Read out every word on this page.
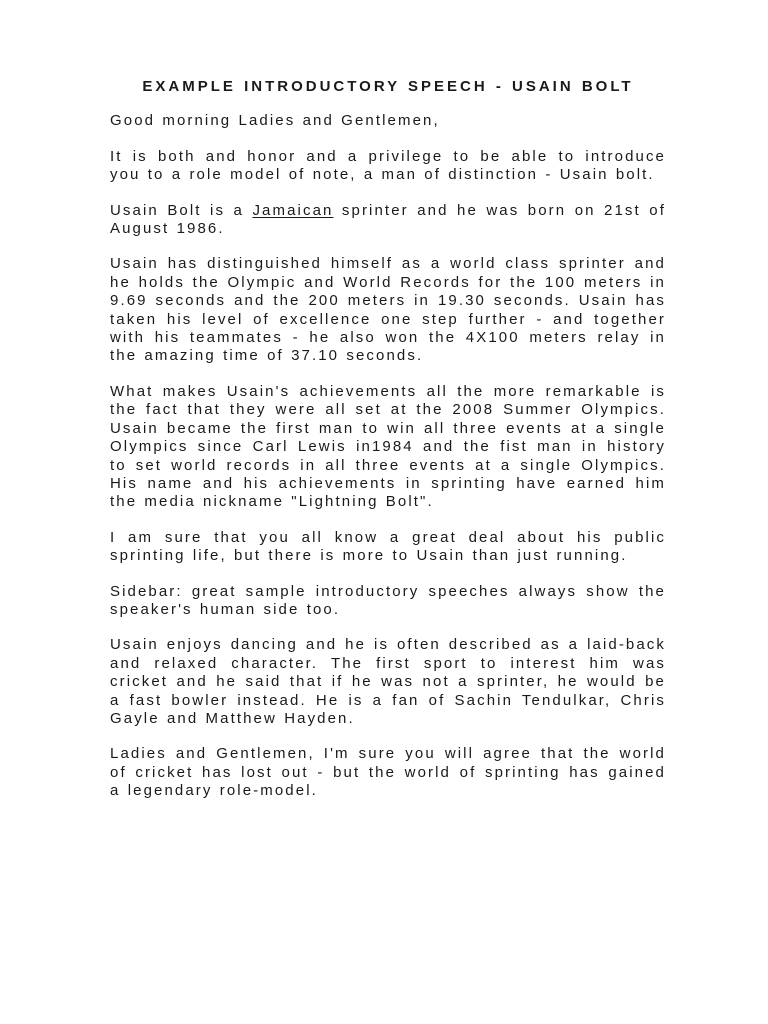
EXAMPLE INTRODUCTORY SPEECH - USAIN BOLT

Good morning Ladies and Gentlemen,

It is both and honor and a privilege to be able to introduce you to a role model of note, a man of distinction - Usain bolt.

Usain Bolt is a Jamaican sprinter and he was born on 21st of August 1986.

Usain has distinguished himself as a world class sprinter and he holds the Olympic and World Records for the 100 meters in 9.69 seconds and the 200 meters in 19.30 seconds. Usain has taken his level of excellence one step further - and together with his teammates - he also won the 4X100 meters relay in the amazing time of 37.10 seconds.

What makes Usain's achievements all the more remarkable is the fact that they were all set at the 2008 Summer Olympics. Usain became the first man to win all three events at a single Olympics since Carl Lewis in1984 and the fist man in history to set world records in all three events at a single Olympics. His name and his achievements in sprinting have earned him the media nickname "Lightning Bolt".

I am sure that you all know a great deal about his public sprinting life, but there is more to Usain than just running.

Sidebar: great sample introductory speeches always show the speaker's human side too.

Usain enjoys dancing and he is often described as a laid-back and relaxed character. The first sport to interest him was cricket and he said that if he was not a sprinter, he would be a fast bowler instead. He is a fan of Sachin Tendulkar, Chris Gayle and Matthew Hayden.

Ladies and Gentlemen, I'm sure you will agree that the world of cricket has lost out - but the world of sprinting has gained a legendary role-model.
